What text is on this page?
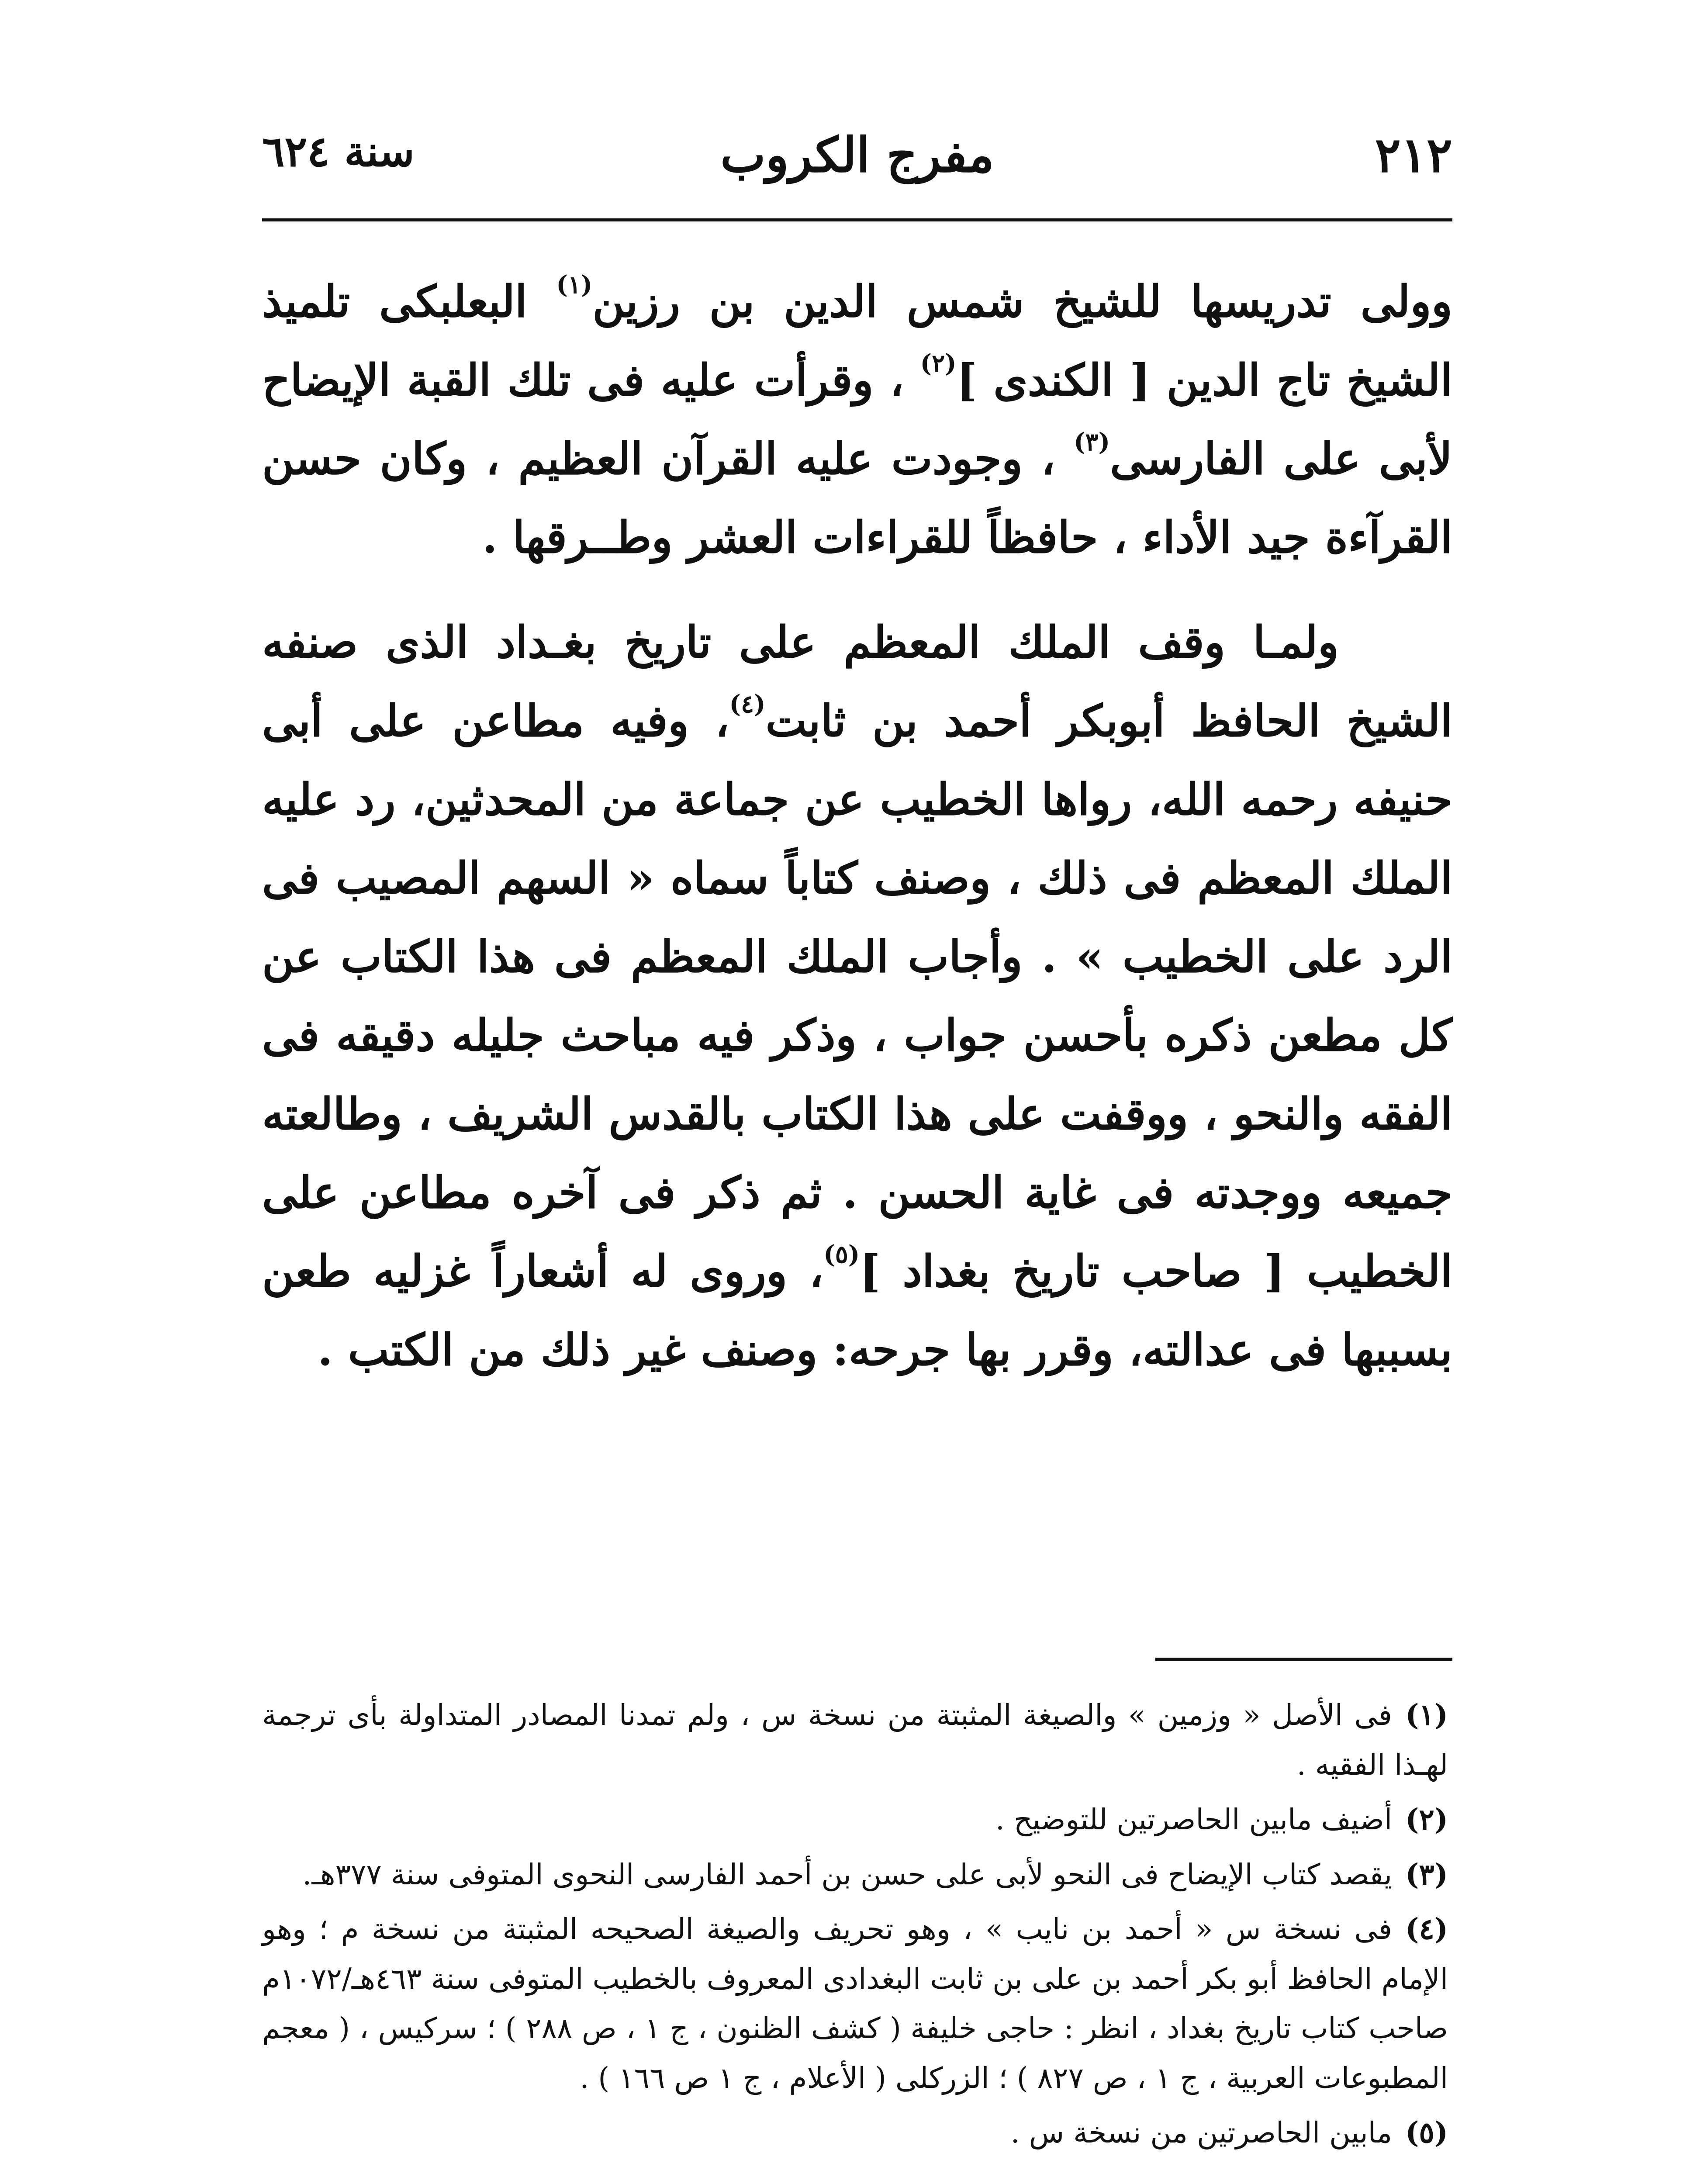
٢١٢
مفرج الكروب
سنة ٦٢٤

وولى تدريسها للشيخ شمس الدين بن رزين$^{(١)}$ البعلبكى تلميذ الشيخ تاج الدين [ الكندى ]$^{(٢)}$ ، وقرأت عليه فى تلك القبة الإيضاح لأبى على الفارسى$^{(٣)}$ ، وجودت عليه القرآن العظيم ، وكان حسن القرآءة جيد الأداء ، حافظاً للقراءات العشر وطــرقها .

ولمـا وقف الملك المعظم على تاريخ بغـداد الذى صنفه الشيخ الحافظ أبوبكر أحمد بن ثابت$^{(٤)}$، وفيه مطاعن على أبى حنيفه رحمه الله، رواها الخطيب عن جماعة من المحدثين، رد عليه الملك المعظم فى ذلك ، وصنف كتاباً سماه « السهم المصيب فى الرد على الخطيب » . وأجاب الملك المعظم فى هذا الكتاب عن كل مطعن ذكره بأحسن جواب ، وذكر فيه مباحث جليله دقيقه فى الفقه والنحو ، ووقفت على هذا الكتاب بالقدس الشريف ، وطالعته جميعه ووجدته فى غاية الحسن . ثم ذكر فى آخره مطاعن على الخطيب [ صاحب تاريخ بغداد ]$^{(٥)}$، وروى له أشعاراً غزليه طعن بسببها فى عدالته، وقرر بها جرحه: وصنف غير ذلك من الكتب .

(١)فى الأصل « وزمين » والصيغة المثبتة من نسخة س ، ولم تمدنا المصادر المتداولة بأى ترجمة لهـذا الفقيه .

(٢)أضيف مابين الحاصرتين للتوضيح .

(٣)يقصد كتاب الإيضاح فى النحو لأبى على حسن بن أحمد الفارسى النحوى المتوفى سنة ٣٧٧هـ.

(٤)فى نسخة س « أحمد بن نايب » ، وهو تحريف والصيغة الصحيحه المثبتة من نسخة م ؛ وهو الإمام الحافظ أبو بكر أحمد بن على بن ثابت البغدادى المعروف بالخطيب المتوفى سنة ٤٦٣هـ/١٠٧٢م صاحب كتاب تاريخ بغداد ، انظر : حاجى خليفة ( كشف الظنون ، ج ١ ، ص ٢٨٨ ) ؛ سركيس ، ( معجم المطبوعات العربية ، ج ١ ، ص ٨٢٧ ) ؛ الزركلى ( الأعلام ، ج ١ ص ١٦٦ ) .

(٥)مابين الحاصرتين من نسخة س .
